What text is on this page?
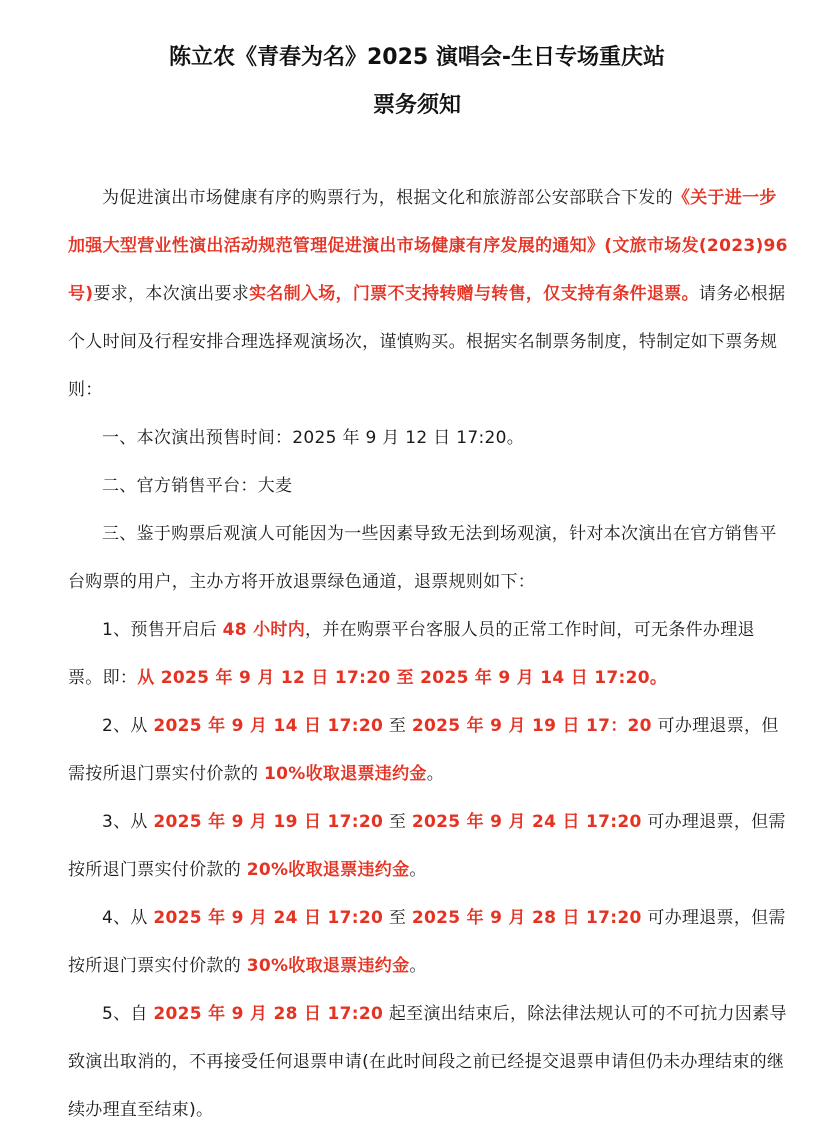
陈立农《青春为名》2025 演唱会-生日专场重庆站
票务须知

为促进演出市场健康有序的购票行为，根据文化和旅游部公安部联合下发的《关于进一步加强大型营业性演出活动规范管理促进演出市场健康有序发展的通知》(文旅市场发(2023)96 号)要求，本次演出要求实名制入场，门票不支持转赠与转售，仅支持有条件退票。请务必根据个人时间及行程安排合理选择观演场次，谨慎购买。根据实名制票务制度，特制定如下票务规则：

一、本次演出预售时间：2025 年 9 月 12 日 17:20。

二、官方销售平台：大麦

三、鉴于购票后观演人可能因为一些因素导致无法到场观演，针对本次演出在官方销售平台购票的用户，主办方将开放退票绿色通道，退票规则如下：

1、预售开启后 48 小时内，并在购票平台客服人员的正常工作时间，可无条件办理退票。即：从 2025 年 9 月 12 日 17:20 至 2025 年 9 月 14 日 17:20。

2、从 2025 年 9 月 14 日 17:20 至 2025 年 9 月 19 日 17：20 可办理退票，但需按所退门票实付价款的 10%收取退票违约金。

3、从 2025 年 9 月 19 日 17:20 至 2025 年 9 月 24 日 17:20 可办理退票，但需按所退门票实付价款的 20%收取退票违约金。

4、从 2025 年 9 月 24 日 17:20 至 2025 年 9 月 28 日 17:20 可办理退票，但需按所退门票实付价款的 30%收取退票违约金。

5、自 2025 年 9 月 28 日 17:20 起至演出结束后，除法律法规认可的不可抗力因素导致演出取消的，不再接受任何退票申请(在此时间段之前已经提交退票申请但仍未办理结束的继续办理直至结束)。
